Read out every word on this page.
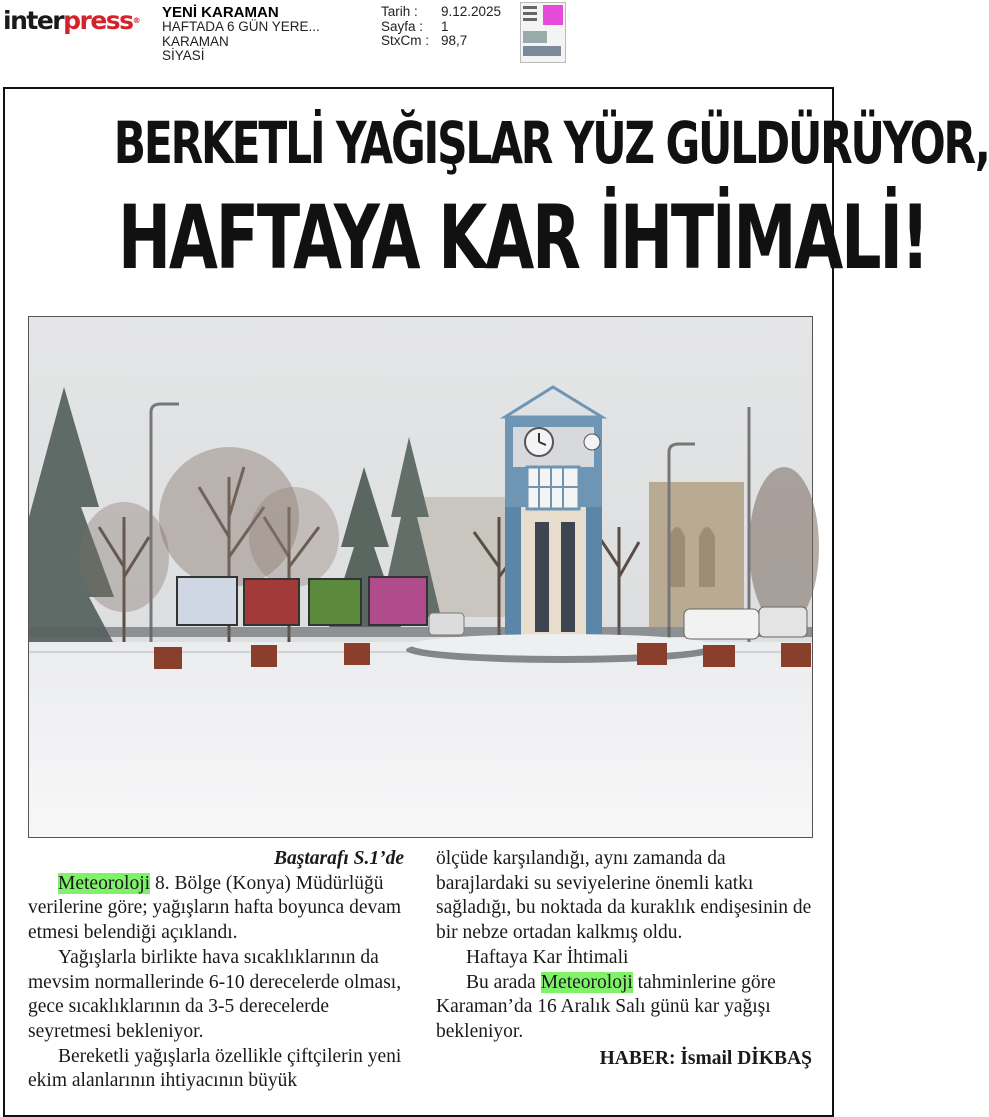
interpress® YENİ KARAMAN
HAFTADA 6 GÜN YERE...
KARAMAN
SİYASİ
Tarih :	9.12.2025
Sayfa :	1
StxCm :	98,7
BERKETLİ YAĞIŞLAR YÜZ GÜLDÜRÜYOR,
HAFTAYA KAR İHTİMALİ!

Baştarafı S.1’de

Meteoroloji 8. Bölge (Konya) Müdürlüğü verilerine göre; yağışların hafta boyunca devam etmesi belendiği açıklandı.

Yağışlarla birlikte hava sıcaklıklarının da mevsim normallerinde 6-10 derecelerde olması, gece sıcaklıklarının da 3-5 derecelerde seyretmesi bekleniyor.

Bereketli yağışlarla özellikle çiftçilerin yeni ekim alanlarının ihtiyacının büyük

ölçüde karşılandığı, aynı zamanda da barajlardaki su seviyelerine önemli katkı sağladığı, bu noktada da kuraklık endişesinin de bir nebze ortadan kalkmış oldu.

Haftaya Kar İhtimali

Bu arada Meteoroloji tahminlerine göre Karaman’da 16 Aralık Salı günü kar yağışı bekleniyor.

HABER: İsmail DİKBAŞ
